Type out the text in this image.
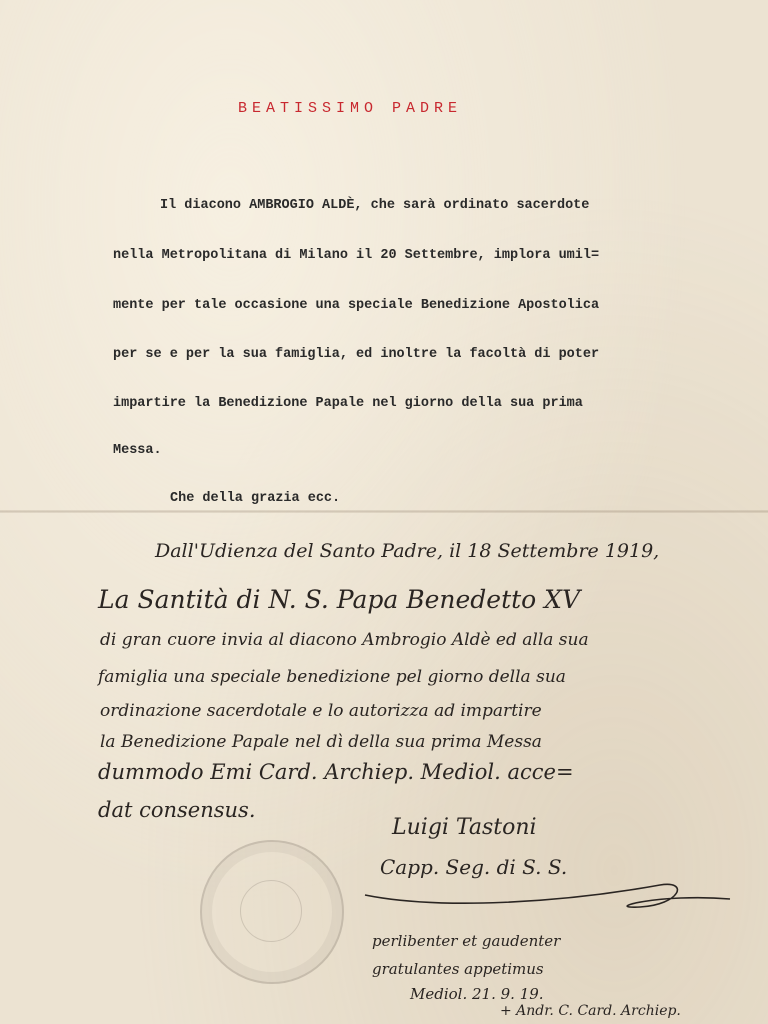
BEATISSIMO PADRE
Il diacono AMBROGIO ALDÈ, che sarà ordinato sacerdote
nella Metropolitana di Milano il 20 Settembre, implora umil=
mente per tale occasione una speciale Benedizione Apostolica
per se e per la sua famiglia, ed inoltre la facoltà di poter
impartire la Benedizione Papale nel giorno della sua prima
Messa.
Che della grazia ecc.
Dall'Udienza del Santo Padre, il 18 Settembre 1919,
La Santità di N. S. Papa Benedetto XV
di gran cuore invia al diacono Ambrogio Aldè ed alla sua
famiglia una speciale benedizione pel giorno della sua
ordinazione sacerdotale e lo autorizza ad impartire
la Benedizione Papale nel dì della sua prima Messa
dummodo Emi Card. Archiep. Mediol. acce=
dat consensus.
Luigi Tastoni
Capp. Seg. di S. S.
perlibenter et gaudenter
gratulantes appetimus
Mediol. 21. 9. 19.
+ Andr. C. Card. Archiep.
